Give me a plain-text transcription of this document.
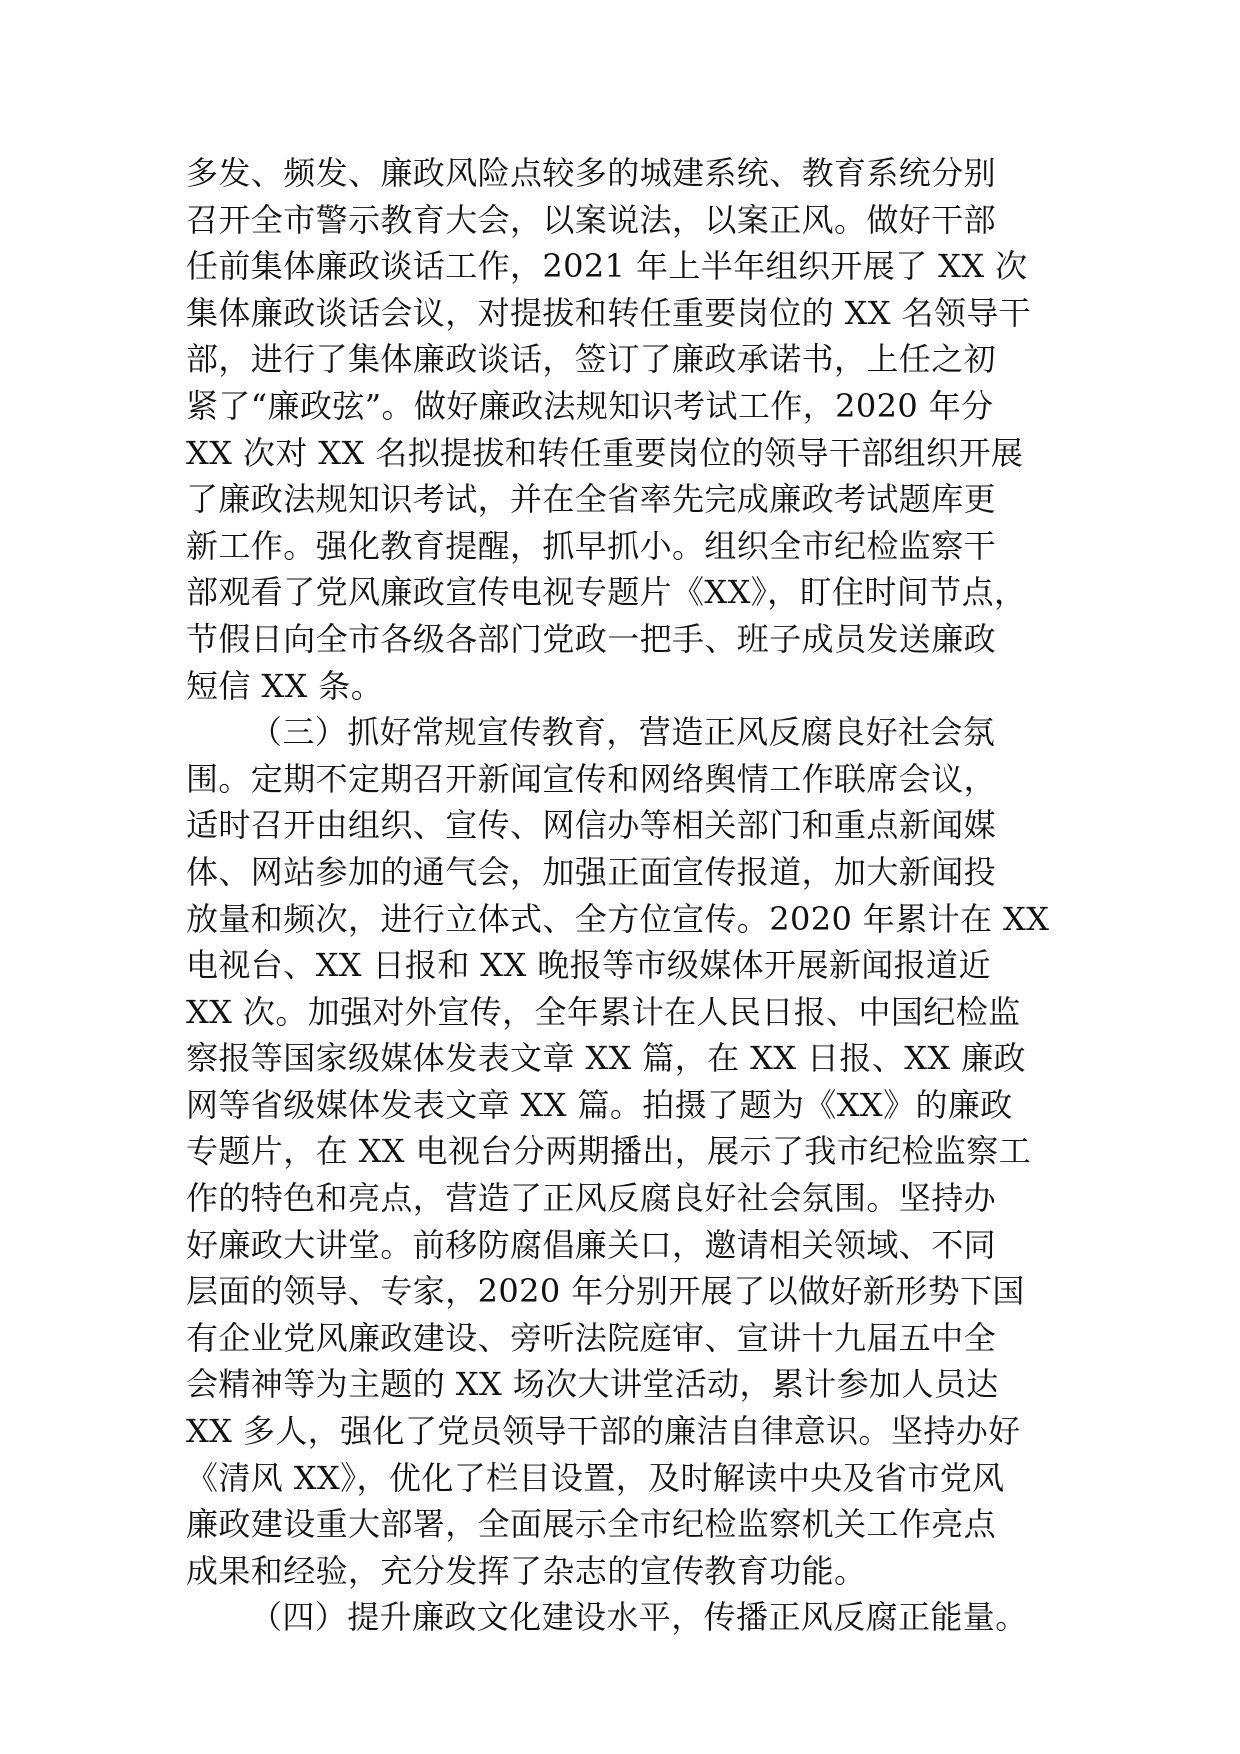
多发、频发、廉政风险点较多的城建系统、教育系统分别
召开全市警示教育大会，以案说法，以案正风。做好干部
任前集体廉政谈话工作，2021 年上半年组织开展了 XX 次
集体廉政谈话会议，对提拔和转任重要岗位的 XX 名领导干
部，进行了集体廉政谈话，签订了廉政承诺书，上任之初
紧了“廉政弦”。做好廉政法规知识考试工作，2020 年分
XX 次对 XX 名拟提拔和转任重要岗位的领导干部组织开展
了廉政法规知识考试，并在全省率先完成廉政考试题库更
新工作。强化教育提醒，抓早抓小。组织全市纪检监察干
部观看了党风廉政宣传电视专题片《XX》，盯住时间节点，
节假日向全市各级各部门党政一把手、班子成员发送廉政
短信 XX 条。
（三）抓好常规宣传教育，营造正风反腐良好社会氛
围。定期不定期召开新闻宣传和网络舆情工作联席会议，
适时召开由组织、宣传、网信办等相关部门和重点新闻媒
体、网站参加的通气会，加强正面宣传报道，加大新闻投
放量和频次，进行立体式、全方位宣传。2020 年累计在 XX
电视台、XX 日报和 XX 晚报等市级媒体开展新闻报道近
XX 次。加强对外宣传，全年累计在人民日报、中国纪检监
察报等国家级媒体发表文章 XX 篇，在 XX 日报、XX 廉政
网等省级媒体发表文章 XX 篇。拍摄了题为《XX》的廉政
专题片，在 XX 电视台分两期播出，展示了我市纪检监察工
作的特色和亮点，营造了正风反腐良好社会氛围。坚持办
好廉政大讲堂。前移防腐倡廉关口，邀请相关领域、不同
层面的领导、专家，2020 年分别开展了以做好新形势下国
有企业党风廉政建设、旁听法院庭审、宣讲十九届五中全
会精神等为主题的 XX 场次大讲堂活动，累计参加人员达
XX 多人，强化了党员领导干部的廉洁自律意识。坚持办好
《清风 XX》，优化了栏目设置，及时解读中央及省市党风
廉政建设重大部署，全面展示全市纪检监察机关工作亮点
成果和经验，充分发挥了杂志的宣传教育功能。
（四）提升廉政文化建设水平，传播正风反腐正能量。
